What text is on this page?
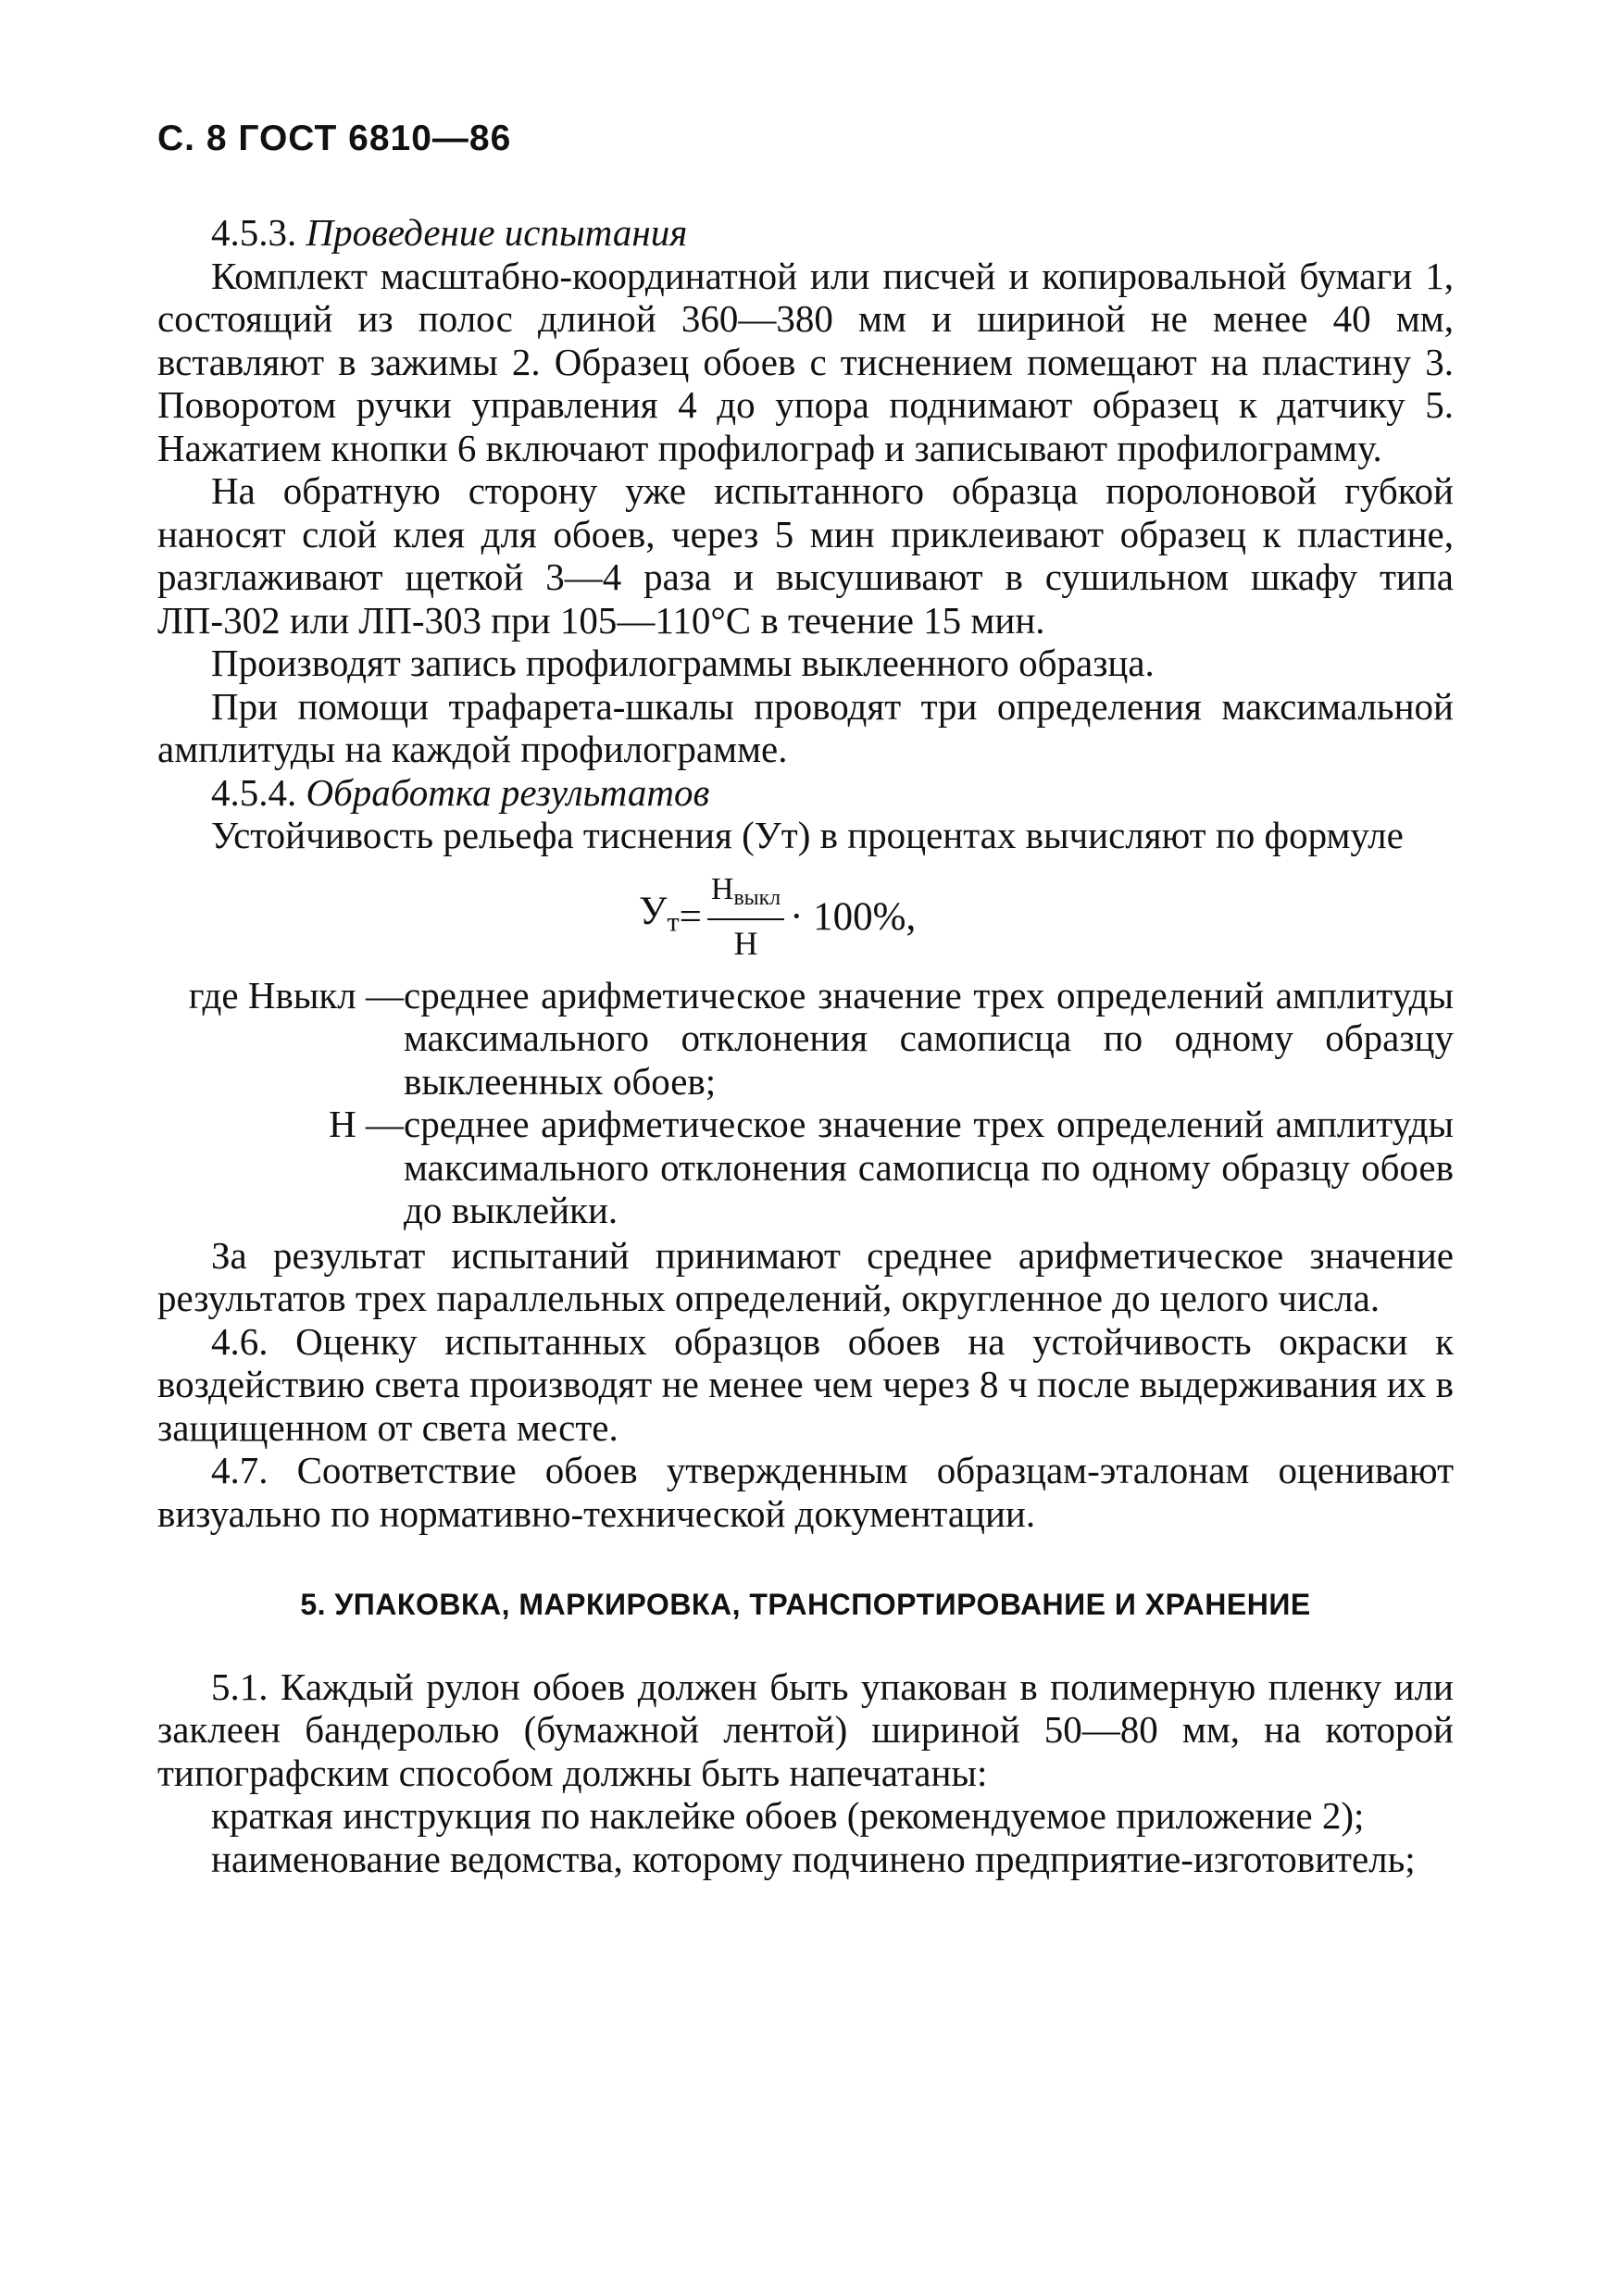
С. 8 ГОСТ 6810—86

4.5.3. Проведение испытания

Комплект масштабно-координатной или писчей и копировальной бумаги 1, состоящий из полос длиной 360—380 мм и шириной не менее 40 мм, вставляют в зажимы 2. Образец обоев с тиснением помещают на пластину 3. Поворотом ручки управления 4 до упора поднимают образец к датчику 5. Нажатием кнопки 6 включают профилограф и записывают профилограмму.

На обратную сторону уже испытанного образца поролоновой губкой наносят слой клея для обоев, через 5 мин приклеивают образец к пластине, разглаживают щеткой 3—4 раза и высушивают в сушильном шкафу типа ЛП-302 или ЛП-303 при 105—110°С в течение 15 мин.

Производят запись профилограммы выклеенного образца.

При помощи трафарета-шкалы проводят три определения максимальной амплитуды на каждой профилограмме.

4.5.4. Обработка результатов

Устойчивость рельефа тиснения (Ут) в процентах вычисляют по формуле

$У_т = \frac{Н_{выкл}}{Н} \cdot 100\%$,
где Нвыкл — среднее арифметическое значение трех определений амплитуды максимального отклонения самописца по одному образцу выклеенных обоев;
Н — среднее арифметическое значение трех определений амплитуды максимального отклонения самописца по одному образцу обоев до выклейки.

За результат испытаний принимают среднее арифметическое значение результатов трех параллельных определений, округленное до целого числа.

4.6. Оценку испытанных образцов обоев на устойчивость окраски к воздействию света производят не менее чем через 8 ч после выдерживания их в защищенном от света месте.

4.7. Соответствие обоев утвержденным образцам-эталонам оценивают визуально по нормативно-технической документации.

5. УПАКОВКА, МАРКИРОВКА, ТРАНСПОРТИРОВАНИЕ И ХРАНЕНИЕ

5.1. Каждый рулон обоев должен быть упакован в полимерную пленку или заклеен бандеролью (бумажной лентой) шириной 50—80 мм, на которой типографским способом должны быть напечатаны:

краткая инструкция по наклейке обоев (рекомендуемое приложение 2);

наименование ведомства, которому подчинено предприятие-изготовитель;
